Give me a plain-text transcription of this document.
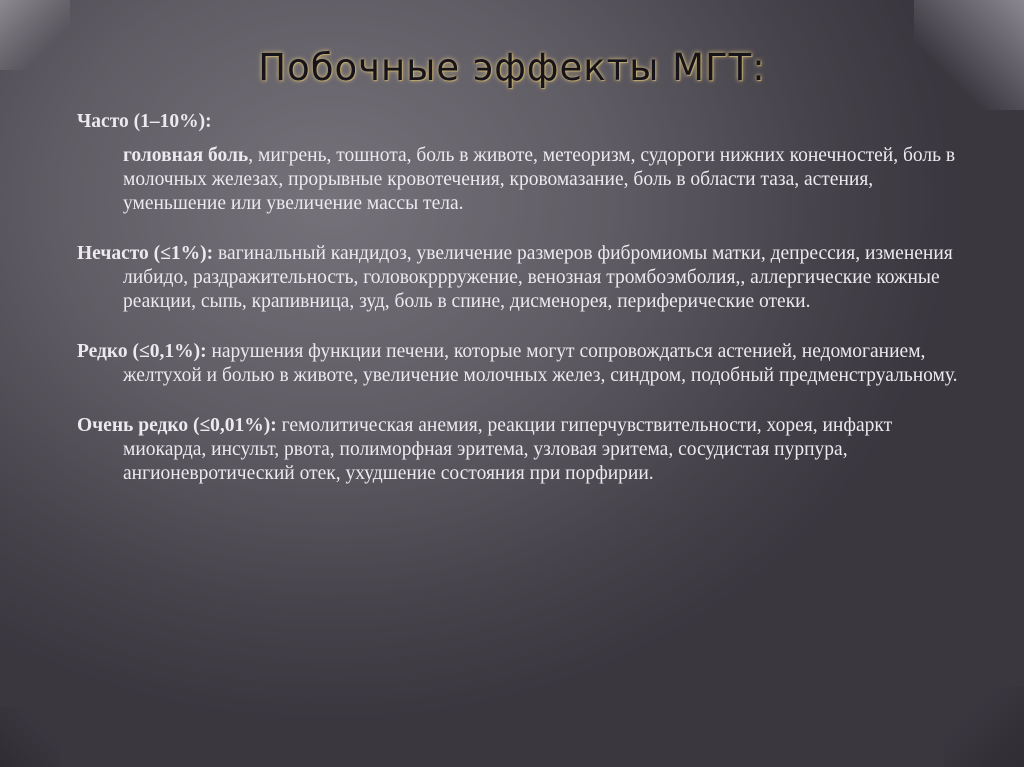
Побочные эффекты МГТ:
Часто (1–10%):
головная боль, мигрень, тошнота, боль в животе, метеоризм, судороги нижних конечностей, боль в молочных железах, прорывные кровотечения, кровомазание, боль в области таза, астения, уменьшение или увеличение массы тела.
Нечасто (≤1%): вагинальный кандидоз, увеличение размеров фибромиомы матки, депрессия, изменения либидо, раздражительность, головокррружение, венозная тромбоэмболия,, аллергические кожные реакции, сыпь, крапивница, зуд, боль в спине, дисменорея, периферические отеки.
Редко (≤0,1%): нарушения функции печени, которые могут сопровождаться астенией, недомоганием, желтухой и болью в животе, увеличение молочных желез, синдром, подобный предменструальному.
Очень редко (≤0,01%): гемолитическая анемия, реакции гиперчувствительности, хорея, инфаркт миокарда, инсульт, рвота, полиморфная эритема, узловая эритема, сосудистая пурпура, ангионевротический отек, ухудшение состояния при порфирии.
